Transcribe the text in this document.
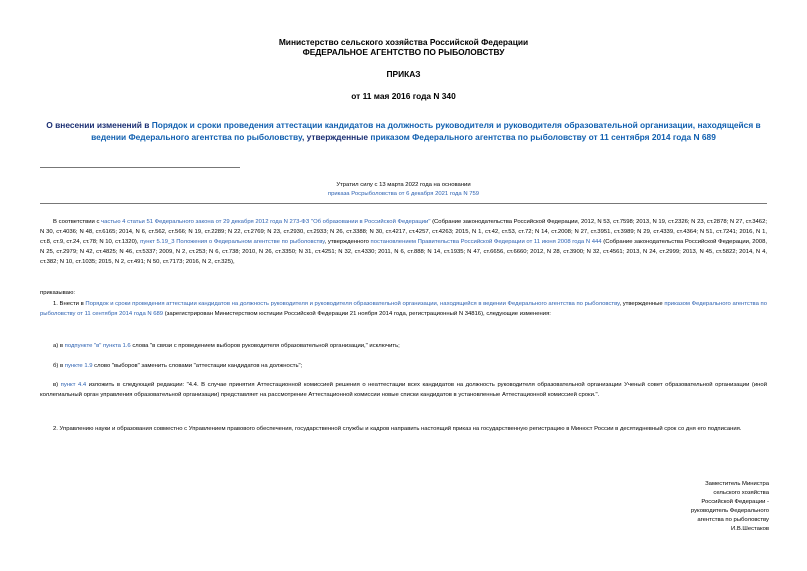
Министерство сельского хозяйства Российской Федерации
ФЕДЕРАЛЬНОЕ АГЕНТСТВО ПО РЫБОЛОВСТВУ
ПРИКАЗ
от 11 мая 2016 года N 340
О внесении изменений в Порядок и сроки проведения аттестации кандидатов на должность руководителя и руководителя образовательной организации, находящейся в ведении Федерального агентства по рыболовству, утвержденные приказом Федерального агентства по рыболовству от 11 сентября 2014 года N 689
Утратил силу с 13 марта 2022 года на основании
приказа Росрыболовства от 6 декабря 2021 года N 759
В соответствии с частью 4 статьи 51 Федерального закона от 29 декабря 2012 года N 273-ФЗ "Об образовании в Российской Федерации" (Собрание законодательства Российской Федерации, 2012, N 53, ст.7598; 2013, N 19, ст.2326; N 23, ст.2878; N 27, ст.3462; N 30, ст.4036; N 48, ст.6165; 2014, N 6, ст.562, ст.566; N 19, ст.2289; N 22, ст.2769; N 23, ст.2930, ст.2933; N 26, ст.3388; N 30, ст.4217, ст.4257, ст.4263; 2015, N 1, ст.42, ст.53, ст.72; N 14, ст.2008; N 27, ст.3951, ст.3989; N 29, ст.4339, ст.4364; N 51, ст.7241; 2016, N 1, ст.8, ст.9, ст.24, ст.78; N 10, ст.1320), пункт 5.19_3 Положения о Федеральном агентстве по рыболовству, утвержденного постановлением Правительства Российской Федерации от 11 июня 2008 года N 444 (Собрание законодательства Российской Федерации, 2008, N 25, ст.2979; N 42, ст.4825; N 46, ст.5337; 2009, N 2, ст.253; N 6, ст.738; 2010, N 26, ст.3350; N 31, ст.4251; N 32, ст.4330; 2011, N 6, ст.888; N 14, ст.1935; N 47, ст.6656, ст.6660; 2012, N 28, ст.3900; N 32, ст.4561; 2013, N 24, ст.2999; 2013, N 45, ст.5822; 2014, N 4, ст.382; N 10, ст.1035; 2015, N 2, ст.491; N 50, ст.7173; 2016, N 2, ст.325),
приказываю:
1. Внести в Порядок и сроки проведения аттестации кандидатов на должность руководителя и руководителя образовательной организации, находящейся в ведении Федерального агентства по рыболовству, утвержденные приказом Федерального агентства по рыболовству от 11 сентября 2014 года N 689 (зарегистрирован Министерством юстиции Российской Федерации 21 ноября 2014 года, регистрационный N 34816), следующие изменения:
а) в подпункте "в" пункта 1.6 слова "в связи с проведением выборов руководителя образовательной организации," исключить;
б) в пункте 1.9 слово "выборов" заменить словами "аттестации кандидатов на должность";
в) пункт 4.4 изложить в следующей редакции: "4.4. В случае принятия Аттестационной комиссией решения о неаттестации всех кандидатов на должность руководителя образовательной организации Ученый совет образовательной организации (иной коллегиальный орган управления образовательной организации) представляет на рассмотрение Аттестационной комиссии новые списки кандидатов в установленные Аттестационной комиссией сроки.".
2. Управлению науки и образования совместно с Управлением правового обеспечения, государственной службы и кадров направить настоящий приказ на государственную регистрацию в Минюст России в десятидневный срок со дня его подписания.
Заместитель Министра
сельского хозяйства
Российской Федерации -
руководитель Федерального
агентства по рыболовству
И.В.Шестаков
